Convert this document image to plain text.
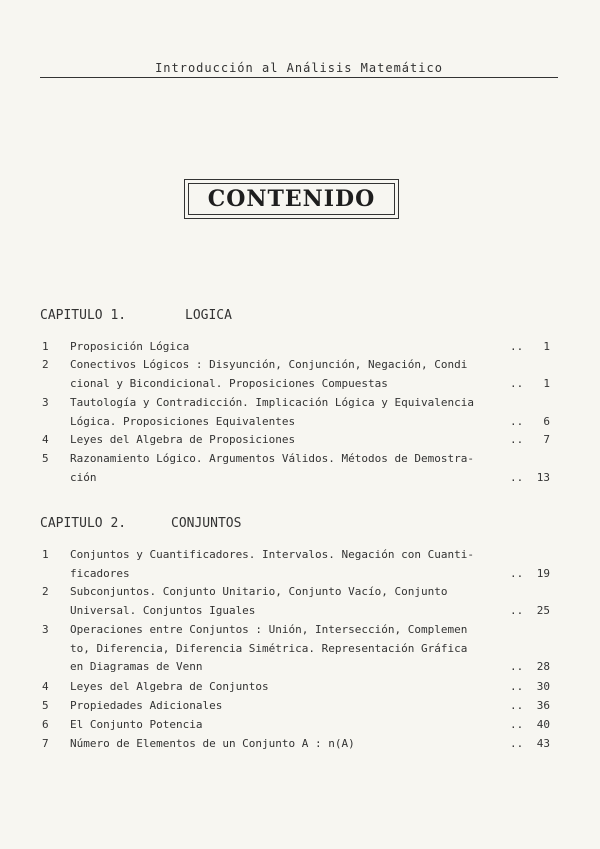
Introducción al Análisis Matemático
CONTENIDO
CAPITULO 1.	LOGICA
1 Proposición Lógica	.. 1
2 Conectivos Lógicos : Disyunción, Conjunción, Negación, Condi
cional y Bicondicional. Proposiciones Compuestas	.. 1
3 Tautología y Contradicción. Implicación Lógica y Equivalencia
Lógica. Proposiciones Equivalentes	.. 6
4 Leyes del Algebra de Proposiciones	.. 7
5 Razonamiento Lógico. Argumentos Válidos. Métodos de Demostra-
ción	.. 13
CAPITULO 2.	CONJUNTOS
1 Conjuntos y Cuantificadores. Intervalos. Negación con Cuanti-
ficadores	.. 19
2 Subconjuntos. Conjunto Unitario, Conjunto Vacío, Conjunto
Universal. Conjuntos Iguales	.. 25
3 Operaciones entre Conjuntos : Unión, Intersección, Complemen
to, Diferencia, Diferencia Simétrica. Representación Gráfica
en Diagramas de Venn	.. 28
4 Leyes del Algebra de Conjuntos	.. 30
5 Propiedades Adicionales	.. 36
6 El Conjunto Potencia	.. 40
7 Número de Elementos de un Conjunto A : n(A)	.. 43
